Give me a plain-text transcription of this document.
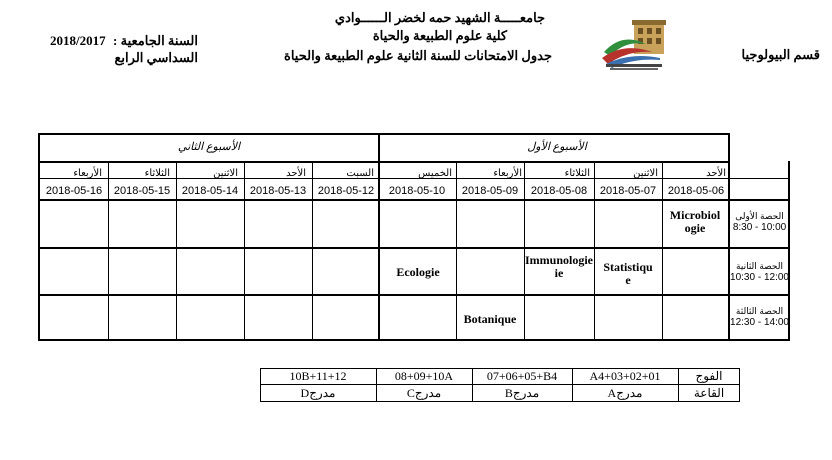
جامعـــــة الشهيد حمه لخضر الــــــوادي
كلية علوم الطبيعة والحياة
السنة الجامعية :
2018/2017
السداسي الرابع	جدول الامتحانات للسنة الثانية علوم الطبيعة والحياة	قسم البيولوجيا
الأسبوع الأول
الأسبوع الثاني
الأحد
الاثنين
الثلاثاء
الأربعاء
الخميس
السبت
الأحد
الاثنين
الثلاثاء
الأربعاء
2018-05-06
2018-05-07
2018-05-08
2018-05-09
2018-05-10
2018-05-12
2018-05-13
2018-05-14
2018-05-15
2018-05-16
الحصة الأولى
8:30 - 10:00
الحصة الثانية
10:30 - 12:00
الحصة الثالثة
12:30 - 14:00
Microbiol
ogie
Statistiqu
e
Immunologie
ie
Ecologie
Botanique
الفوج
القاعة
A4+03+02+01
07+06+05+B4
08+09+10A
10B+11+12
Aمدرج
Bمدرج
Cمدرج
Dمدرج
